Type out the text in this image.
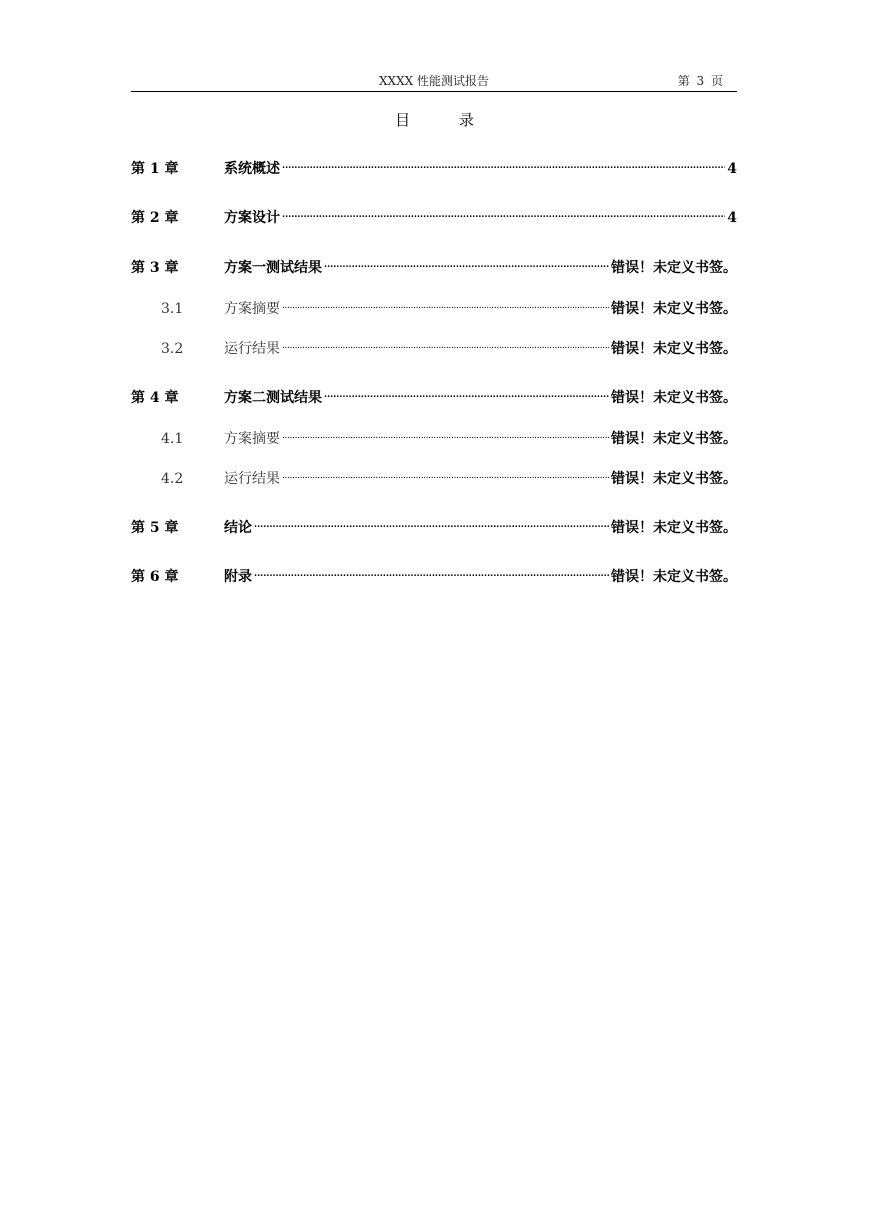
XXXX 性能测试报告	第 3 页
目 录
第 1 章	系统概述 . . .	4
第 2 章	方案设计 . . .	4
第 3 章	方案一测试结果 . . .	错误！未定义书签。
3.1	方案摘要 . . .	错误！未定义书签。
3.2	运行结果 . . .	错误！未定义书签。
第 4 章	方案二测试结果 . . .	错误！未定义书签。
4.1	方案摘要 . . .	错误！未定义书签。
4.2	运行结果 . . .	错误！未定义书签。
第 5 章	结论 . . .	错误！未定义书签。
第 6 章	附录 . . .	错误！未定义书签。
